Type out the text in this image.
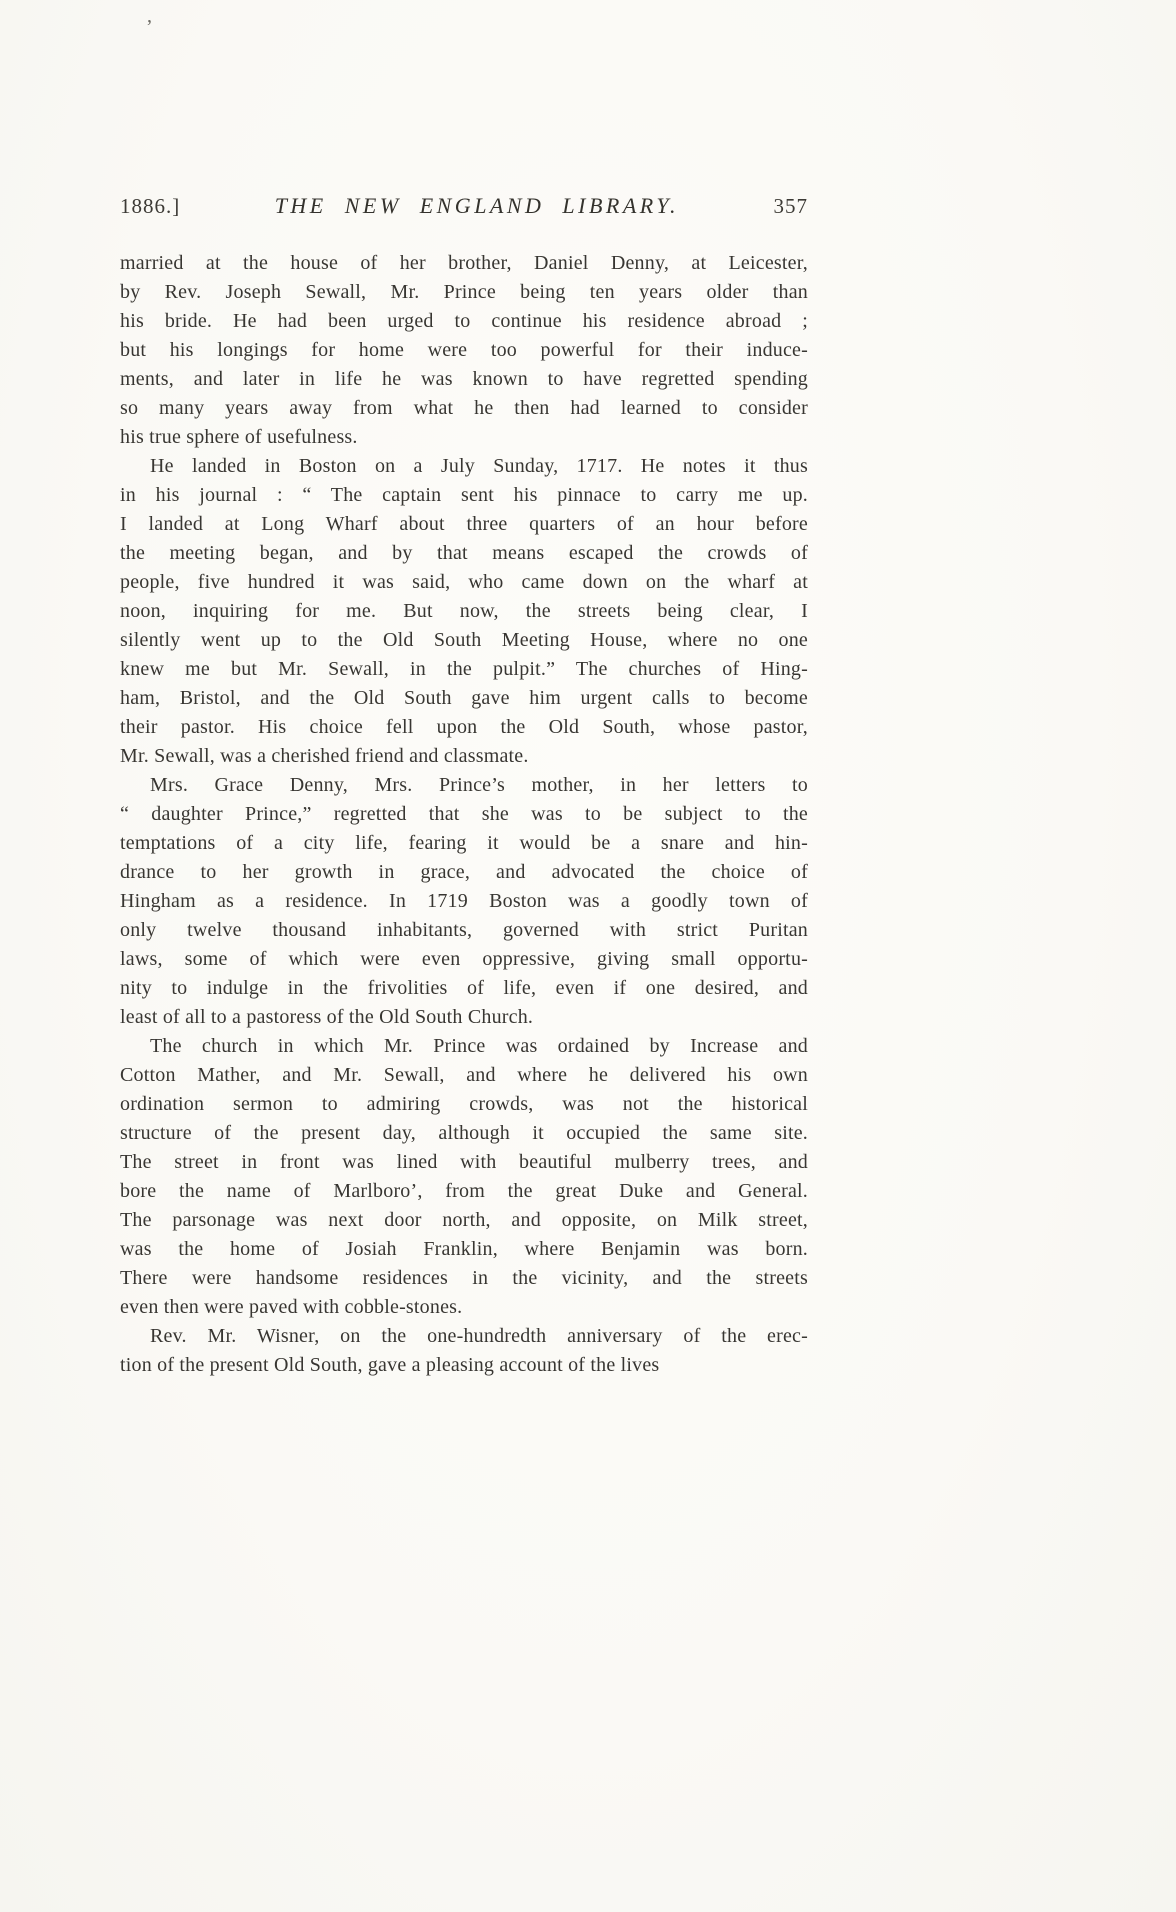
’
1886.]	THE NEW ENGLAND LIBRARY.	357
married at the house of her brother, Daniel Denny, at Leicester,
by Rev. Joseph Sewall, Mr. Prince being ten years older than
his bride. He had been urged to continue his residence abroad ;
but his longings for home were too powerful for their induce-
ments, and later in life he was known to have regretted spending
so many years away from what he then had learned to consider
his true sphere of usefulness.
He landed in Boston on a July Sunday, 1717. He notes it thus
in his journal : “ The captain sent his pinnace to carry me up.
I landed at Long Wharf about three quarters of an hour before
the meeting began, and by that means escaped the crowds of
people, five hundred it was said, who came down on the wharf at
noon, inquiring for me. But now, the streets being clear, I
silently went up to the Old South Meeting House, where no one
knew me but Mr. Sewall, in the pulpit.” The churches of Hing-
ham, Bristol, and the Old South gave him urgent calls to become
their pastor. His choice fell upon the Old South, whose pastor,
Mr. Sewall, was a cherished friend and classmate.
Mrs. Grace Denny, Mrs. Prince’s mother, in her letters to
“ daughter Prince,” regretted that she was to be subject to the
temptations of a city life, fearing it would be a snare and hin-
drance to her growth in grace, and advocated the choice of
Hingham as a residence. In 1719 Boston was a goodly town of
only twelve thousand inhabitants, governed with strict Puritan
laws, some of which were even oppressive, giving small opportu-
nity to indulge in the frivolities of life, even if one desired, and
least of all to a pastoress of the Old South Church.
The church in which Mr. Prince was ordained by Increase and
Cotton Mather, and Mr. Sewall, and where he delivered his own
ordination sermon to admiring crowds, was not the historical
structure of the present day, although it occupied the same site.
The street in front was lined with beautiful mulberry trees, and
bore the name of Marlboro’, from the great Duke and General.
The parsonage was next door north, and opposite, on Milk street,
was the home of Josiah Franklin, where Benjamin was born.
There were handsome residences in the vicinity, and the streets
even then were paved with cobble-stones.
Rev. Mr. Wisner, on the one-hundredth anniversary of the erec-
tion of the present Old South, gave a pleasing account of the lives
